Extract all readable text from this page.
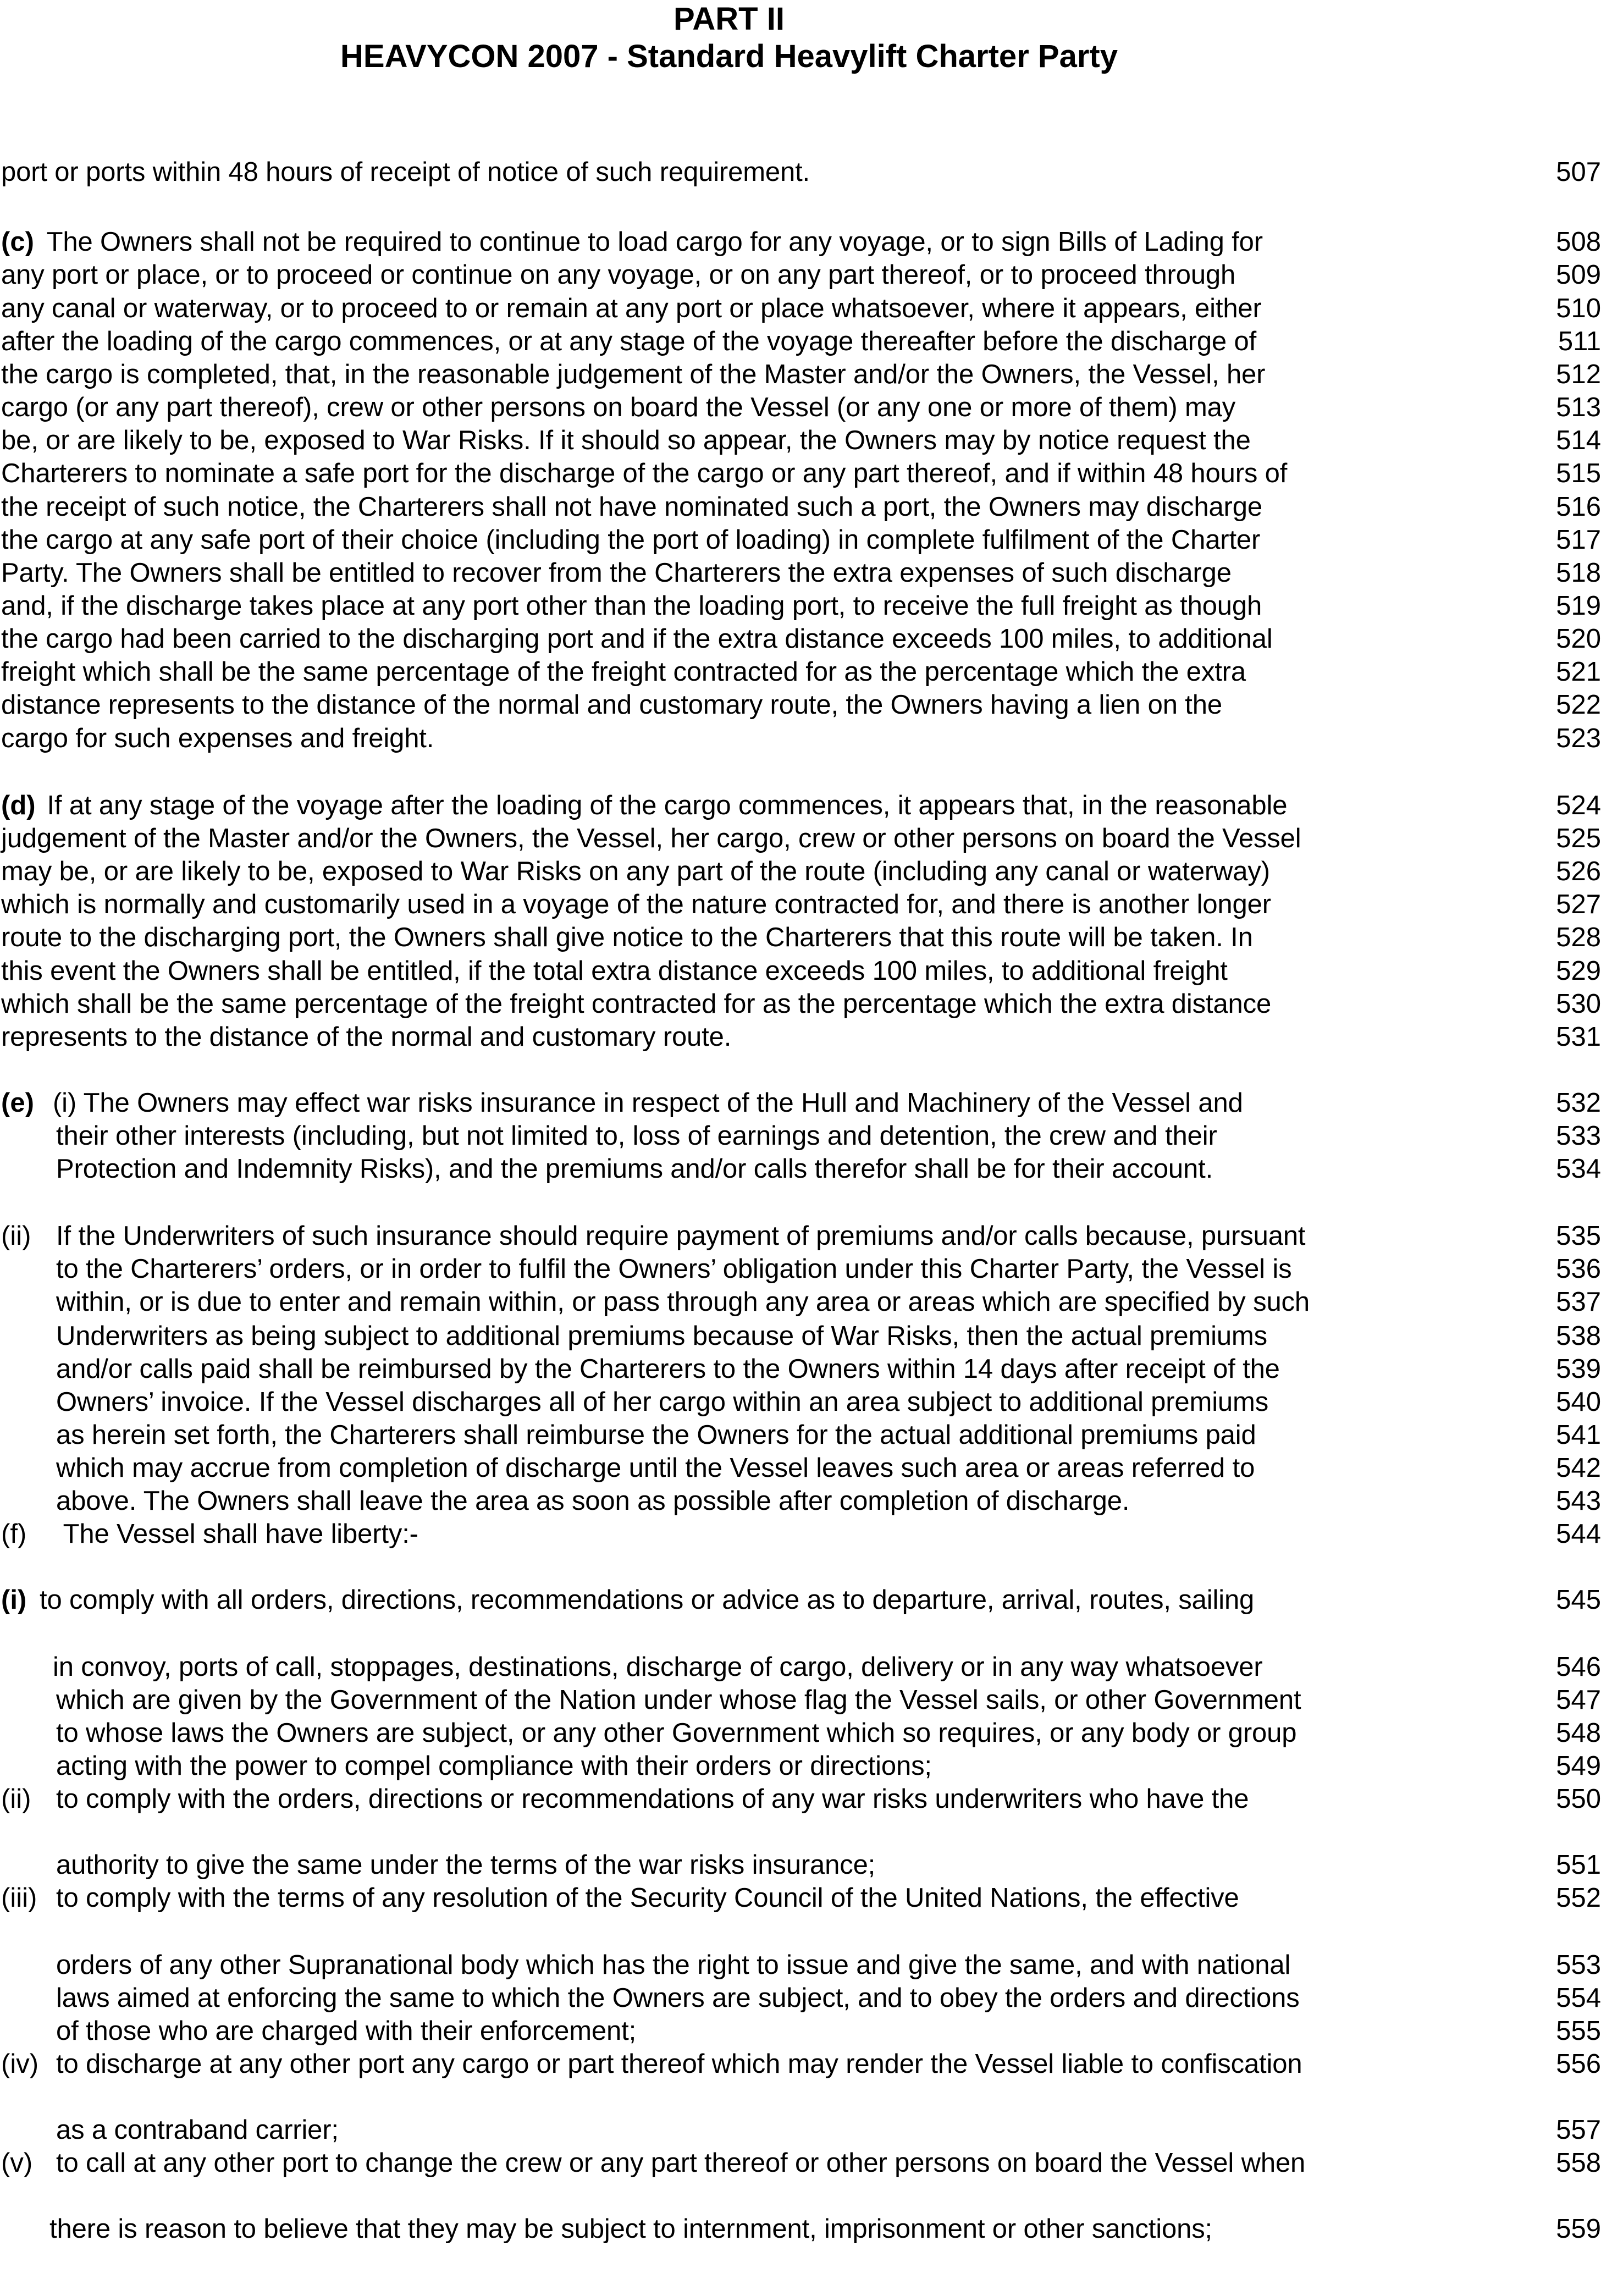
PART II
HEAVYCON 2007 - Standard Heavylift Charter Party
port or ports within 48 hours of receipt of notice of such requirement.	507
(c) The Owners shall not be required to continue to load cargo for any voyage, or to sign Bills of Lading for	508
any port or place, or to proceed or continue on any voyage, or on any part thereof, or to proceed through	509
any canal or waterway, or to proceed to or remain at any port or place whatsoever, where it appears, either	510
after the loading of the cargo commences, or at any stage of the voyage thereafter before the discharge of	511
the cargo is completed, that, in the reasonable judgement of the Master and/or the Owners, the Vessel, her	512
cargo (or any part thereof), crew or other persons on board the Vessel (or any one or more of them) may	513
be, or are likely to be, exposed to War Risks. If it should so appear, the Owners may by notice request the	514
Charterers to nominate a safe port for the discharge of the cargo or any part thereof, and if within 48 hours of	515
the receipt of such notice, the Charterers shall not have nominated such a port, the Owners may discharge	516
the cargo at any safe port of their choice (including the port of loading) in complete fulfilment of the Charter	517
Party. The Owners shall be entitled to recover from the Charterers the extra expenses of such discharge	518
and, if the discharge takes place at any port other than the loading port, to receive the full freight as though	519
the cargo had been carried to the discharging port and if the extra distance exceeds 100 miles, to additional	520
freight which shall be the same percentage of the freight contracted for as the percentage which the extra	521
distance represents to the distance of the normal and customary route, the Owners having a lien on the	522
cargo for such expenses and freight.	523
(d) If at any stage of the voyage after the loading of the cargo commences, it appears that, in the reasonable	524
judgement of the Master and/or the Owners, the Vessel, her cargo, crew or other persons on board the Vessel	525
may be, or are likely to be, exposed to War Risks on any part of the route (including any canal or waterway)	526
which is normally and customarily used in a voyage of the nature contracted for, and there is another longer	527
route to the discharging port, the Owners shall give notice to the Charterers that this route will be taken. In	528
this event the Owners shall be entitled, if the total extra distance exceeds 100 miles, to additional freight	529
which shall be the same percentage of the freight contracted for as the percentage which the extra distance	530
represents to the distance of the normal and customary route.	531
(e) (i) The Owners may effect war risks insurance in respect of the Hull and Machinery of the Vessel and	532
their other interests (including, but not limited to, loss of earnings and detention, the crew and their	533
Protection and Indemnity Risks), and the premiums and/or calls therefor shall be for their account.	534
(ii) If the Underwriters of such insurance should require payment of premiums and/or calls because, pursuant	535
to the Charterers’ orders, or in order to fulfil the Owners’ obligation under this Charter Party, the Vessel is	536
within, or is due to enter and remain within, or pass through any area or areas which are specified by such	537
Underwriters as being subject to additional premiums because of War Risks, then the actual premiums	538
and/or calls paid shall be reimbursed by the Charterers to the Owners within 14 days after receipt of the	539
Owners’ invoice. If the Vessel discharges all of her cargo within an area subject to additional premiums	540
as herein set forth, the Charterers shall reimburse the Owners for the actual additional premiums paid	541
which may accrue from completion of discharge until the Vessel leaves such area or areas referred to	542
above. The Owners shall leave the area as soon as possible after completion of discharge.	543
(f) The Vessel shall have liberty:-	544
(i) to comply with all orders, directions, recommendations or advice as to departure, arrival, routes, sailing	545
in convoy, ports of call, stoppages, destinations, discharge of cargo, delivery or in any way whatsoever	546
which are given by the Government of the Nation under whose flag the Vessel sails, or other Government	547
to whose laws the Owners are subject, or any other Government which so requires, or any body or group	548
acting with the power to compel compliance with their orders or directions;	549
(ii) to comply with the orders, directions or recommendations of any war risks underwriters who have the	550
authority to give the same under the terms of the war risks insurance;	551
(iii) to comply with the terms of any resolution of the Security Council of the United Nations, the effective	552
orders of any other Supranational body which has the right to issue and give the same, and with national	553
laws aimed at enforcing the same to which the Owners are subject, and to obey the orders and directions	554
of those who are charged with their enforcement;	555
(iv) to discharge at any other port any cargo or part thereof which may render the Vessel liable to confiscation	556
as a contraband carrier;	557
(v) to call at any other port to change the crew or any part thereof or other persons on board the Vessel when	558
there is reason to believe that they may be subject to internment, imprisonment or other sanctions;	559
